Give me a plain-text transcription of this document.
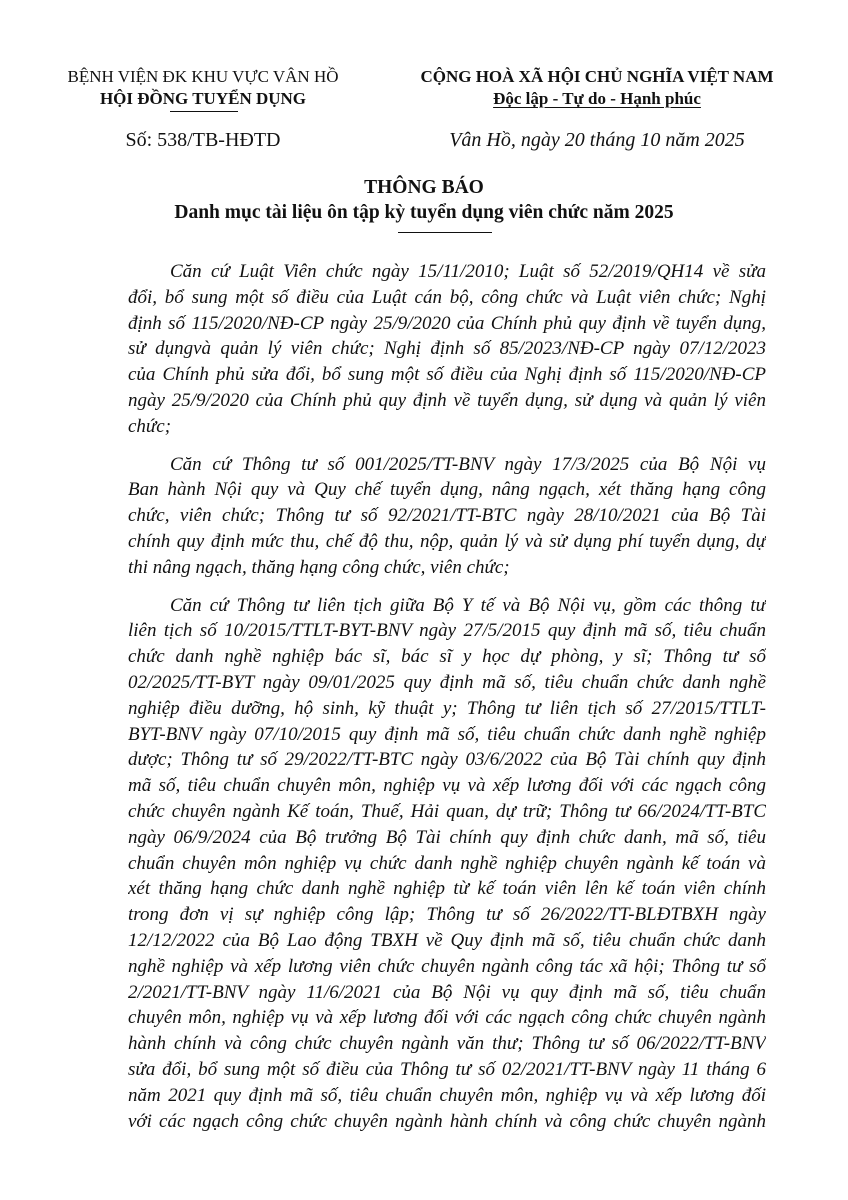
BỆNH VIỆN ĐK KHU VỰC VÂN HỒ
HỘI ĐỒNG TUYỂN DỤNG
Số: 538/TB-HĐTD
CỘNG HOÀ XÃ HỘI CHỦ NGHĨA VIỆT NAM
Độc lập - Tự do - Hạnh phúc
Vân Hồ, ngày 20 tháng 10 năm 2025
THÔNG BÁO
Danh mục tài liệu ôn tập kỳ tuyển dụng viên chức năm 2025
Căn cứ Luật Viên chức ngày 15/11/2010; Luật số 52/2019/QH14 về sửa
đổi, bổ sung một số điều của Luật cán bộ, công chức và Luật viên chức; Nghị
định số 115/2020/NĐ-CP ngày 25/9/2020 của Chính phủ quy định về tuyển dụng,
sử dụngvà quản lý viên chức; Nghị định số 85/2023/NĐ-CP ngày 07/12/2023
của Chính phủ sửa đổi, bổ sung một số điều của Nghị định số 115/2020/NĐ-CP
ngày 25/9/2020 của Chính phủ quy định về tuyển dụng, sử dụng và quản lý viên
chức;
Căn cứ Thông tư số 001/2025/TT-BNV ngày 17/3/2025 của Bộ Nội vụ
Ban hành Nội quy và Quy chế tuyển dụng, nâng ngạch, xét thăng hạng công
chức, viên chức; Thông tư số 92/2021/TT-BTC ngày 28/10/2021 của Bộ Tài
chính quy định mức thu, chế độ thu, nộp, quản lý và sử dụng phí tuyển dụng, dự
thi nâng ngạch, thăng hạng công chức, viên chức;
Căn cứ Thông tư liên tịch giữa Bộ Y tế và Bộ Nội vụ, gồm các thông tư
liên tịch số 10/2015/TTLT-BYT-BNV ngày 27/5/2015 quy định mã số, tiêu chuẩn
chức danh nghề nghiệp bác sĩ, bác sĩ y học dự phòng, y sĩ; Thông tư số
02/2025/TT-BYT ngày 09/01/2025 quy định mã số, tiêu chuẩn chức danh nghề
nghiệp điều dưỡng, hộ sinh, kỹ thuật y; Thông tư liên tịch số 27/2015/TTLT-
BYT-BNV ngày 07/10/2015 quy định mã số, tiêu chuẩn chức danh nghề nghiệp
dược; Thông tư số 29/2022/TT-BTC ngày 03/6/2022 của Bộ Tài chính quy định
mã số, tiêu chuẩn chuyên môn, nghiệp vụ và xếp lương đối với các ngạch công
chức chuyên ngành Kế toán, Thuế, Hải quan, dự trữ; Thông tư 66/2024/TT-BTC
ngày 06/9/2024 của Bộ trưởng Bộ Tài chính quy định chức danh, mã số, tiêu
chuẩn chuyên môn nghiệp vụ chức danh nghề nghiệp chuyên ngành kế toán và
xét thăng hạng chức danh nghề nghiệp từ kế toán viên lên kế toán viên chính
trong đơn vị sự nghiệp công lập; Thông tư số 26/2022/TT-BLĐTBXH ngày
12/12/2022 của Bộ Lao động TBXH về Quy định mã số, tiêu chuẩn chức danh
nghề nghiệp và xếp lương viên chức chuyên ngành công tác xã hội; Thông tư số
2/2021/TT-BNV ngày 11/6/2021 của Bộ Nội vụ quy định mã số, tiêu chuẩn
chuyên môn, nghiệp vụ và xếp lương đối với các ngạch công chức chuyên ngành
hành chính và công chức chuyên ngành văn thư; Thông tư số 06/2022/TT-BNV
sửa đổi, bổ sung một số điều của Thông tư số 02/2021/TT-BNV ngày 11 tháng 6
năm 2021 quy định mã số, tiêu chuẩn chuyên môn, nghiệp vụ và xếp lương đối
với các ngạch công chức chuyên ngành hành chính và công chức chuyên ngành
